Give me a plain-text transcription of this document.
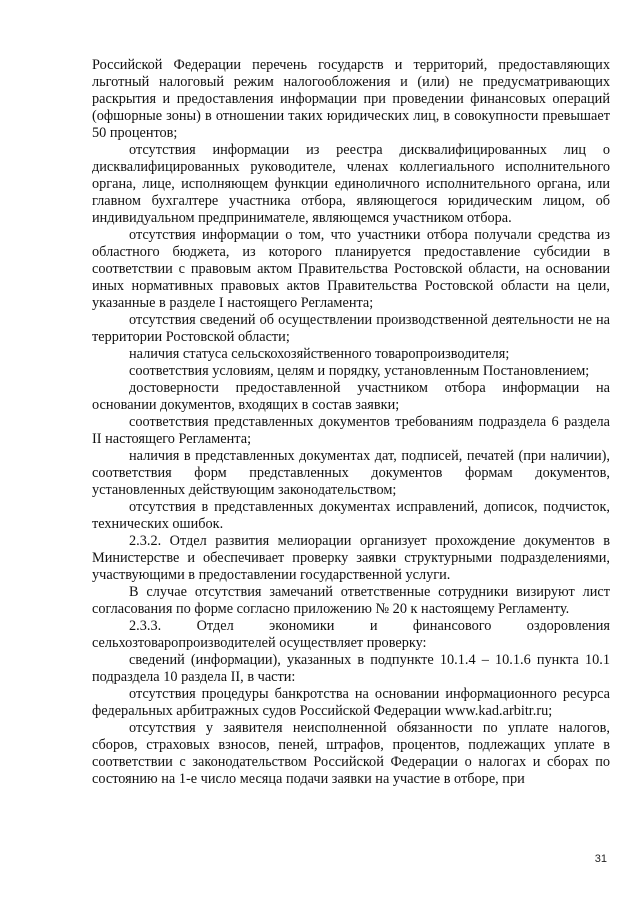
Российской Федерации перечень государств и территорий, предоставляющих льготный налоговый режим налогообложения и (или) не предусматривающих раскрытия и предоставления информации при проведении финансовых операций (офшорные зоны) в отношении таких юридических лиц, в совокупности превышает 50 процентов;

отсутствия информации из реестра дисквалифицированных лиц о дисквалифицированных руководителе, членах коллегиального исполнительного органа, лице, исполняющем функции единоличного исполнительного органа, или главном бухгалтере участника отбора, являющегося юридическим лицом, об индивидуальном предпринимателе, являющемся участником отбора.

отсутствия информации о том, что участники отбора получали средства из областного бюджета, из которого планируется предоставление субсидии в соответствии с правовым актом Правительства Ростовской области, на основании иных нормативных правовых актов Правительства Ростовской области на цели, указанные в разделе I настоящего Регламента;

отсутствия сведений об осуществлении производственной деятельности не на территории Ростовской области;

наличия статуса сельскохозяйственного товаропроизводителя;

соответствия условиям, целям и порядку, установленным Постановлением;

достоверности предоставленной участником отбора информации на основании документов, входящих в состав заявки;

соответствия представленных документов требованиям подраздела 6 раздела II настоящего Регламента;

наличия в представленных документах дат, подписей, печатей (при наличии), соответствия форм представленных документов формам документов, установленных действующим законодательством;

отсутствия в представленных документах исправлений, дописок, подчисток, технических ошибок.

2.3.2. Отдел развития мелиорации организует прохождение документов в Министерстве и обеспечивает проверку заявки структурными подразделениями, участвующими в предоставлении государственной услуги.

В случае отсутствия замечаний ответственные сотрудники визируют лист согласования по форме согласно приложению № 20 к настоящему Регламенту.

2.3.3. Отдел экономики и финансового оздоровления сельхозтоваропроизводителей осуществляет проверку:

сведений (информации), указанных в подпункте 10.1.4 – 10.1.6 пункта 10.1 подраздела 10 раздела II, в части:

отсутствия процедуры банкротства на основании информационного ресурса федеральных арбитражных судов Российской Федерации www.kad.arbitr.ru;

отсутствия у заявителя неисполненной обязанности по уплате налогов, сборов, страховых взносов, пеней, штрафов, процентов, подлежащих уплате в соответствии с законодательством Российской Федерации о налогах и сборах по состоянию на 1-е число месяца подачи заявки на участие в отборе, при

31
